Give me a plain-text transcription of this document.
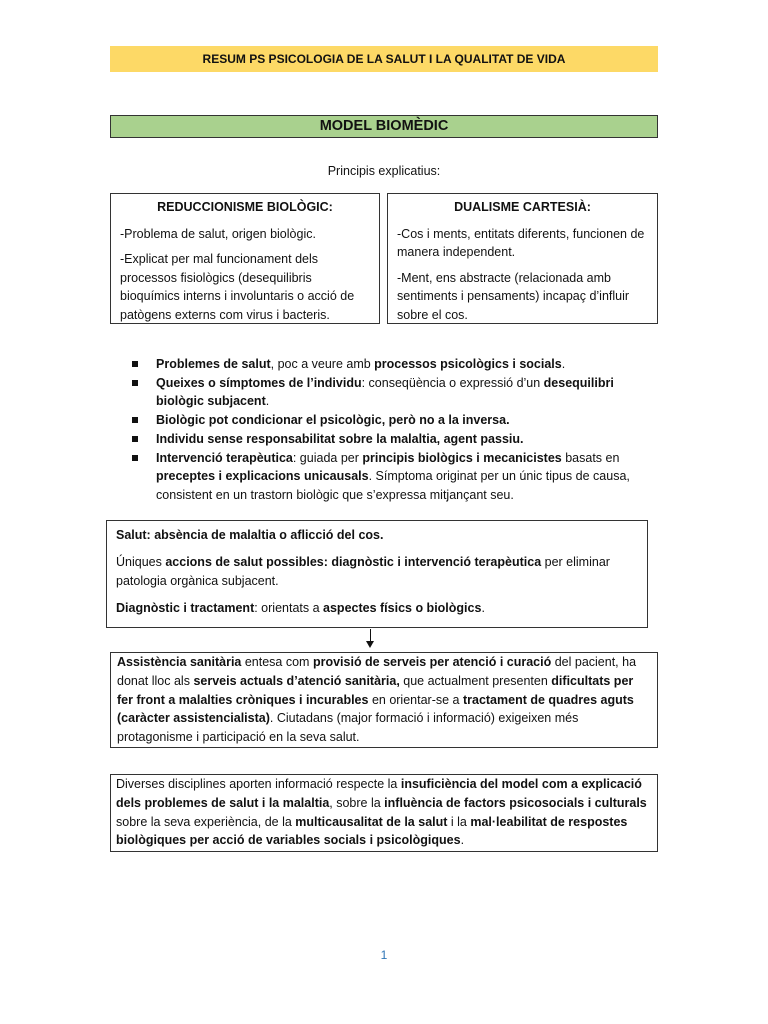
RESUM PS PSICOLOGIA DE LA SALUT I LA QUALITAT DE VIDA
MODEL BIOMÈDIC
Principis explicatius:

REDUCCIONISME BIOLÒGIC:

-Problema de salut, origen biològic.

-Explicat per mal funcionament dels processos fisiològics (desequilibris bioquímics interns i involuntaris o acció de patògens externs com virus i bacteris.

DUALISME CARTESIÀ:

-Cos i ments, entitats diferents, funcionen de manera independent.

-Ment, ens abstracte (relacionada amb sentiments i pensaments) incapaç d’influir sobre el cos.

Problemes de salut, poc a veure amb processos psicològics i socials.
Queixes o símptomes de l’individu: conseqüència o expressió d’un desequilibri biològic subjacent.
Biològic pot condicionar el psicològic, però no a la inversa.
Individu sense responsabilitat sobre la malaltia, agent passiu.
Intervenció terapèutica: guiada per principis biològics i mecanicistes basats en preceptes i explicacions unicausals. Símptoma originat per un únic tipus de causa, consistent en un trastorn biològic que s’expressa mitjançant seu.

Salut: absència de malaltia o aflicció del cos.

Úniques accions de salut possibles: diagnòstic i intervenció terapèutica per eliminar patologia orgànica subjacent.

Diagnòstic i tractament: orientats a aspectes físics o biològics.

Assistència sanitària entesa com provisió de serveis per atenció i curació del pacient, ha donat lloc als serveis actuals d’atenció sanitària, que actualment presenten dificultats per fer front a malalties cròniques i incurables en orientar-se a tractament de quadres aguts (caràcter assistencialista). Ciutadans (major formació i informació) exigeixen més protagonisme i participació en la seva salut.

Diverses disciplines aporten informació respecte la insuficiència del model com a explicació dels problemes de salut i la malaltia, sobre la influència de factors psicosocials i culturals sobre la seva experiència, de la multicausalitat de la salut i la mal·leabilitat de respostes biològiques per acció de variables socials i psicològiques.

1
